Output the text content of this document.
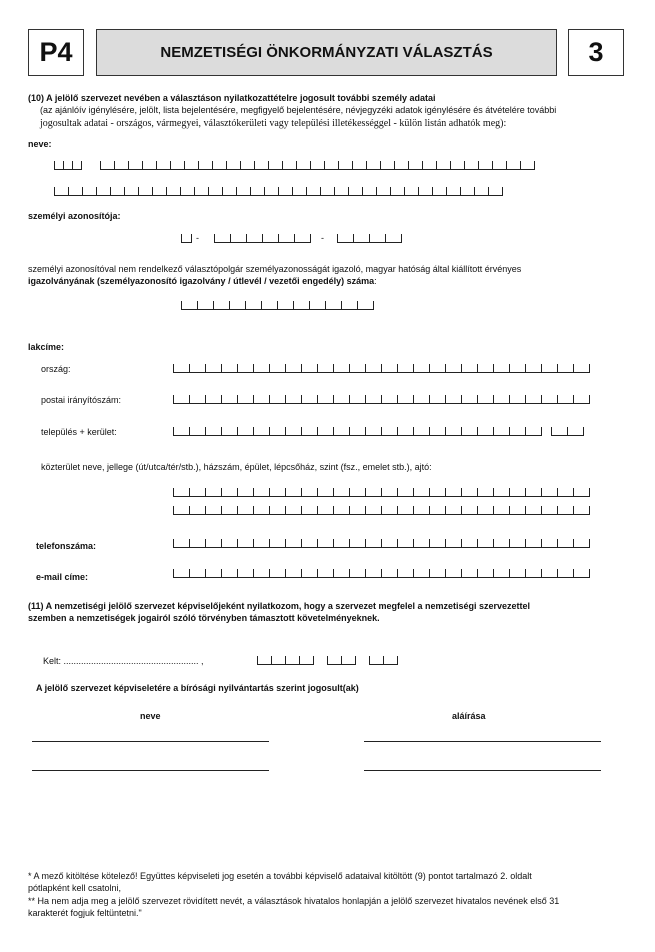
P4	NEMZETISÉGI ÖNKORMÁNYZATI VÁLASZTÁS	3
(10) A jelölő szervezet nevében a választáson nyilatkozattételre jogosult további személy adatai
(az ajánlóív igénylésére, jelölt, lista bejelentésére, megfigyelő bejelentésére, névjegyzéki adatok igénylésére és átvételére további
jogosultak adatai - országos, vármegyei, választókerületi vagy települési illetékességgel - külön listán adhatók meg):
neve:
személyi azonosítója:
-	-
személyi azonosítóval nem rendelkező választópolgár személyazonosságát igazoló, magyar hatóság által kiállított érvényes
igazolványának (személyazonosító igazolvány / útlevél / vezetői engedély) száma:
lakcíme:
ország:
postai irányítószám:
település + kerület:
közterület neve, jellege (út/utca/tér/stb.), házszám, épület, lépcsőház, szint (fsz., emelet stb.), ajtó:
telefonszáma:
e-mail címe:
(11) A nemzetiségi jelölő szervezet képviselőjeként nyilatkozom, hogy a szervezet megfelel a nemzetiségi szervezettel
szemben a nemzetiségek jogairól szóló törvényben támasztott követelményeknek.
Kelt: ...................................................... ,
A jelölő szervezet képviseletére a bírósági nyilvántartás szerint jogosult(ak)
neve	aláírása
* A mező kitöltése kötelező! Együttes képviseleti jog esetén a további képviselő adataival kitöltött (9) pontot tartalmazó 2. oldalt
pótlapként kell csatolni,
** Ha nem adja meg a jelölő szervezet rövidített nevét, a választások hivatalos honlapján a jelölő szervezet hivatalos nevének első 31
karakterét fogjuk feltüntetni."
